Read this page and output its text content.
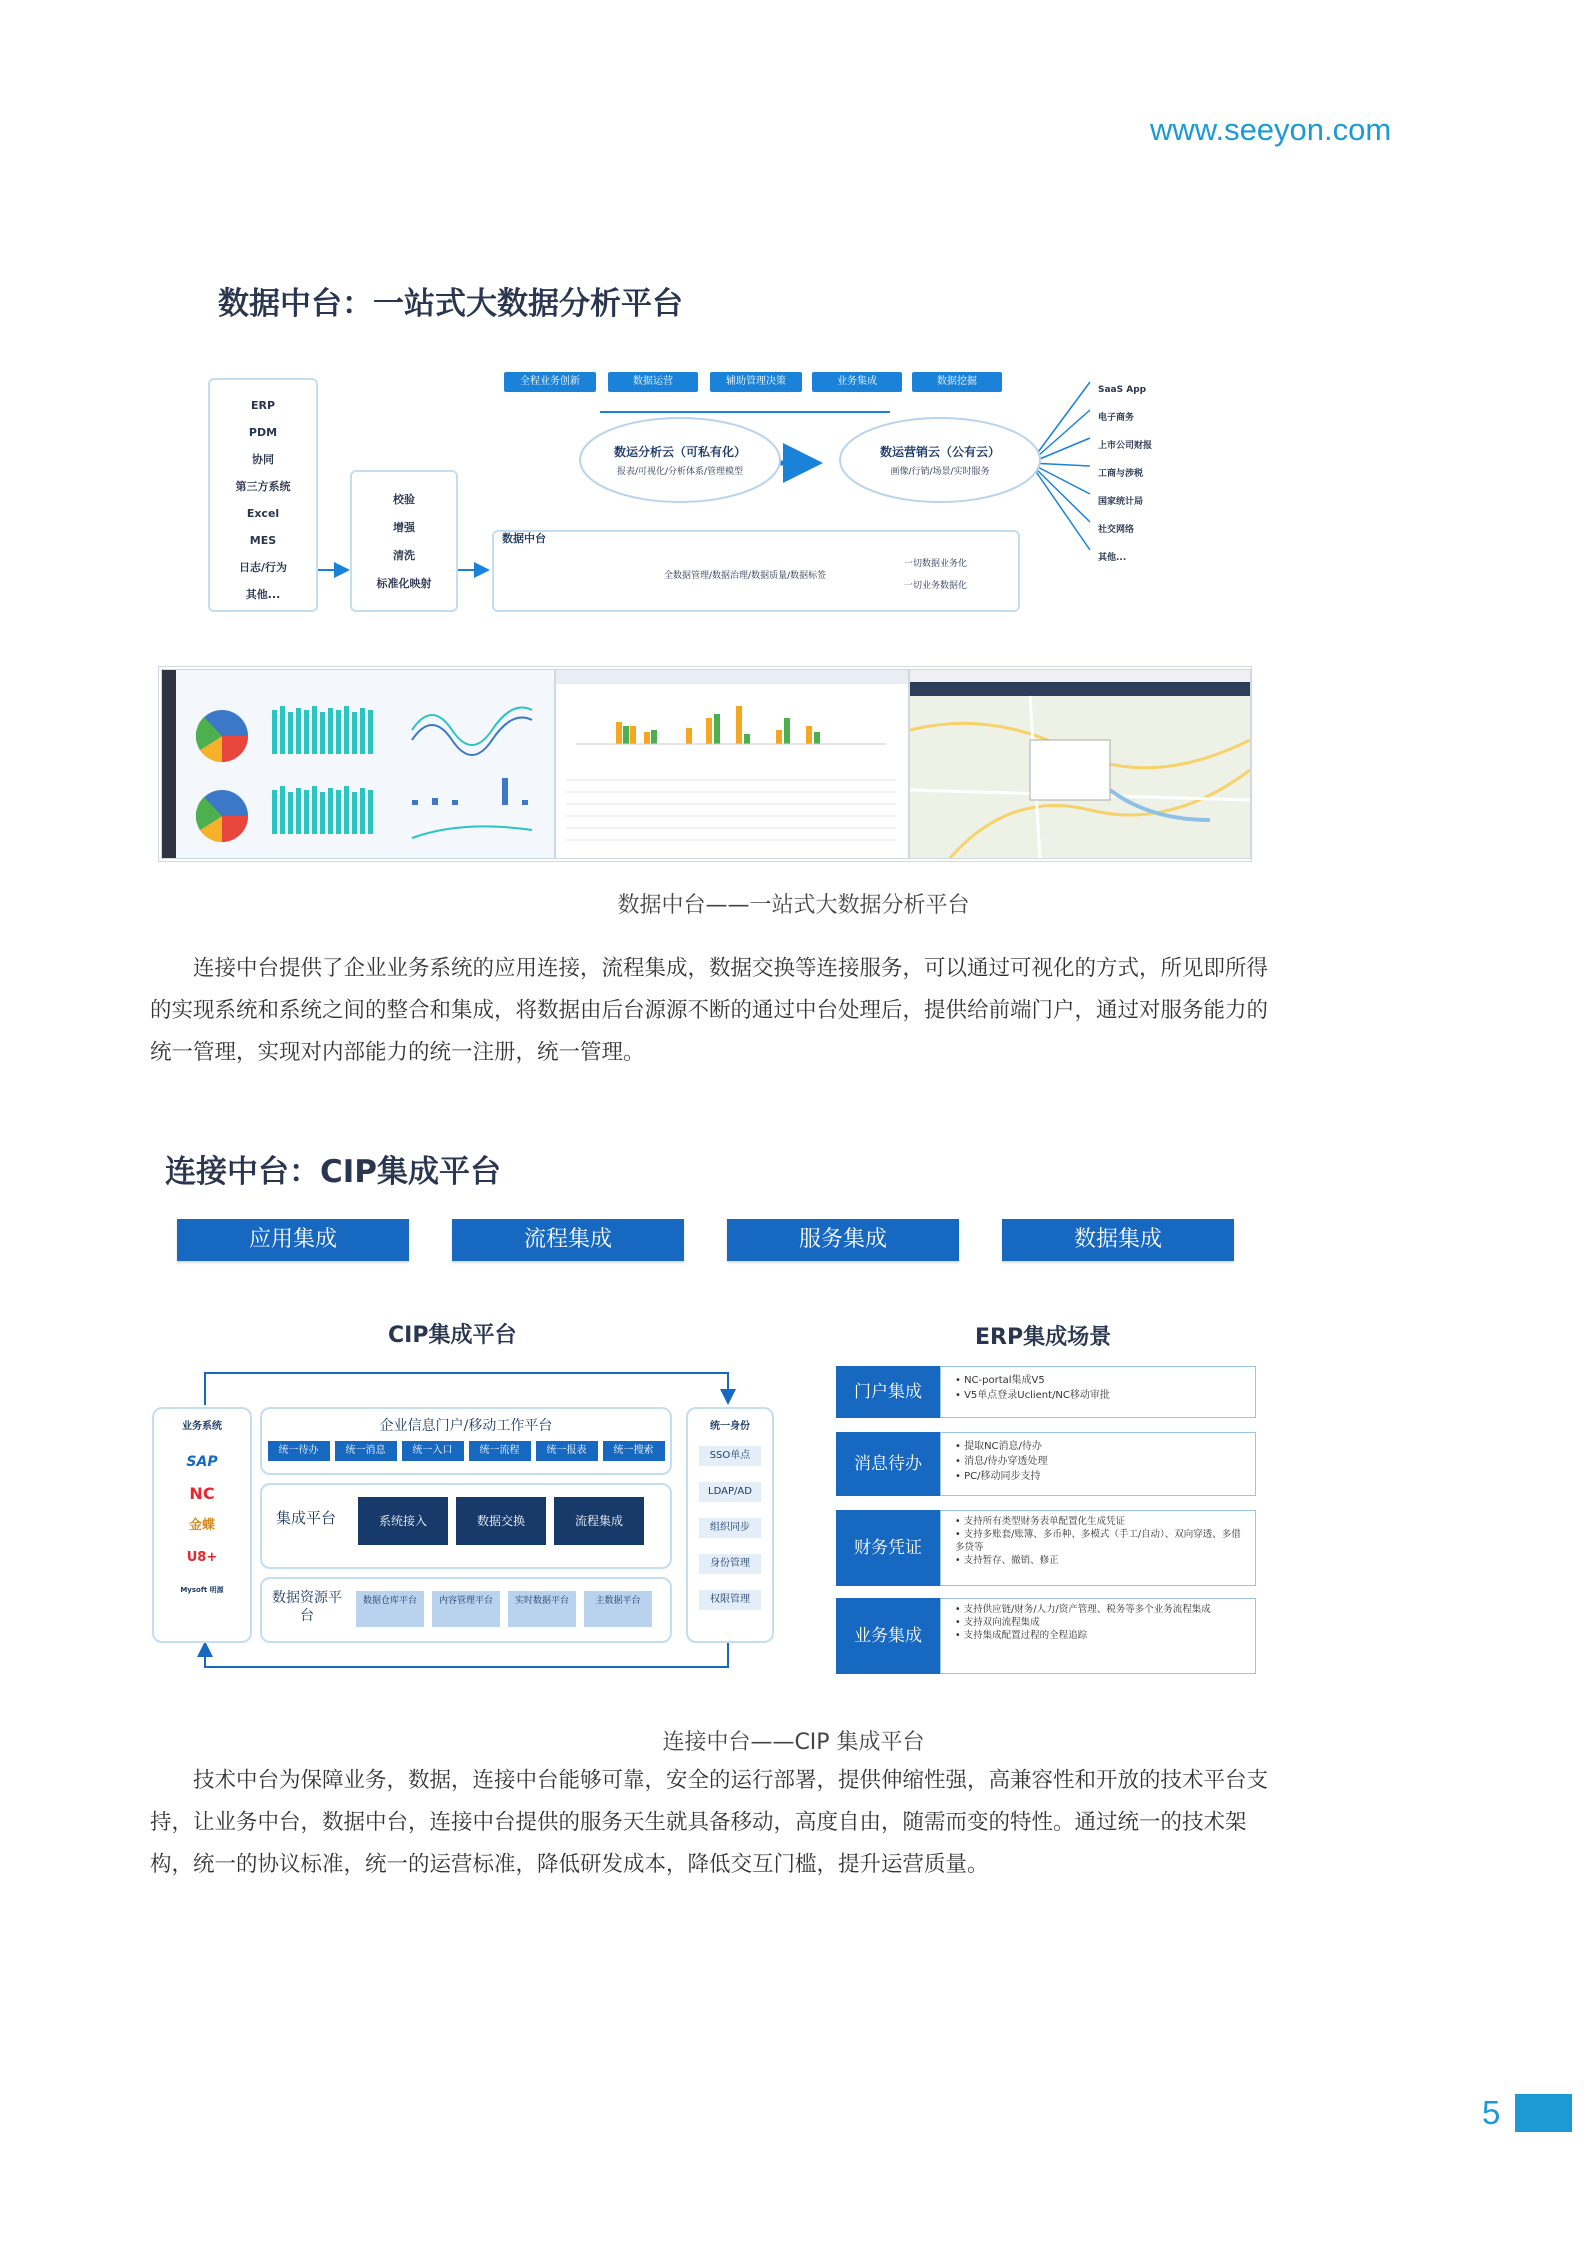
www.seeyon.com
数据中台：一站式大数据分析平台
ERP
PDM
协同
第三方系统
Excel
MES
日志/行为
其他...
校验
增强
清洗
标准化映射
全程业务创新	数据运营	辅助管理决策	业务集成	数据挖掘
数运分析云（可私有化）
报表/可视化/分析体系/管理模型
数运营销云（公有云）
画像/行销/场景/实时服务
数据中台
全数据管理/数据治理/数据质量/数据标签
一切数据业务化
一切业务数据化
SaaS App
电子商务
上市公司财报
工商与涉税
国家统计局
社交网络
其他...
数据中台——一站式大数据分析平台

连接中台提供了企业业务系统的应用连接，流程集成，数据交换等连接服务，可以通过可视化的方式，所见即所得的实现系统和系统之间的整合和集成，将数据由后台源源不断的通过中台处理后，提供给前端门户，通过对服务能力的统一管理，实现对内部能力的统一注册，统一管理。

连接中台：CIP集成平台
应用集成	流程集成	服务集成	数据集成
CIP集成平台	ERP集成场景
业务系统
SAP
NC
金蝶
U8+
Mysoft 明源
企业信息门户/移动工作平台
统一待办	统一消息	统一入口	统一流程	统一报表	统一搜索
集成平台	系统接入	数据交换	流程集成
数据资源平台
数据仓库平台	内容管理平台	实时数据平台	主数据平台
统一身份
SSO单点
LDAP/AD
组织同步
身份管理
权限管理
门户集成
• NC-portal集成V5
• V5单点登录Uclient/NC移动审批
消息待办
• 提取NC消息/待办
• 消息/待办穿透处理
• PC/移动同步支持
财务凭证
• 支持所有类型财务表单配置化生成凭证
• 支持多账套/账簿、多币种、多模式（手工/自动）、双向穿透、多借多贷等
• 支持暂存、撤销、修正
业务集成
• 支持供应链/财务/人力/资产管理、税务等多个业务流程集成
• 支持双向流程集成
• 支持集成配置过程的全程追踪
连接中台——CIP 集成平台

技术中台为保障业务，数据，连接中台能够可靠，安全的运行部署，提供伸缩性强，高兼容性和开放的技术平台支持，让业务中台，数据中台，连接中台提供的服务天生就具备移动，高度自由，随需而变的特性。通过统一的技术架构，统一的协议标准，统一的运营标准，降低研发成本，降低交互门槛，提升运营质量。

5
